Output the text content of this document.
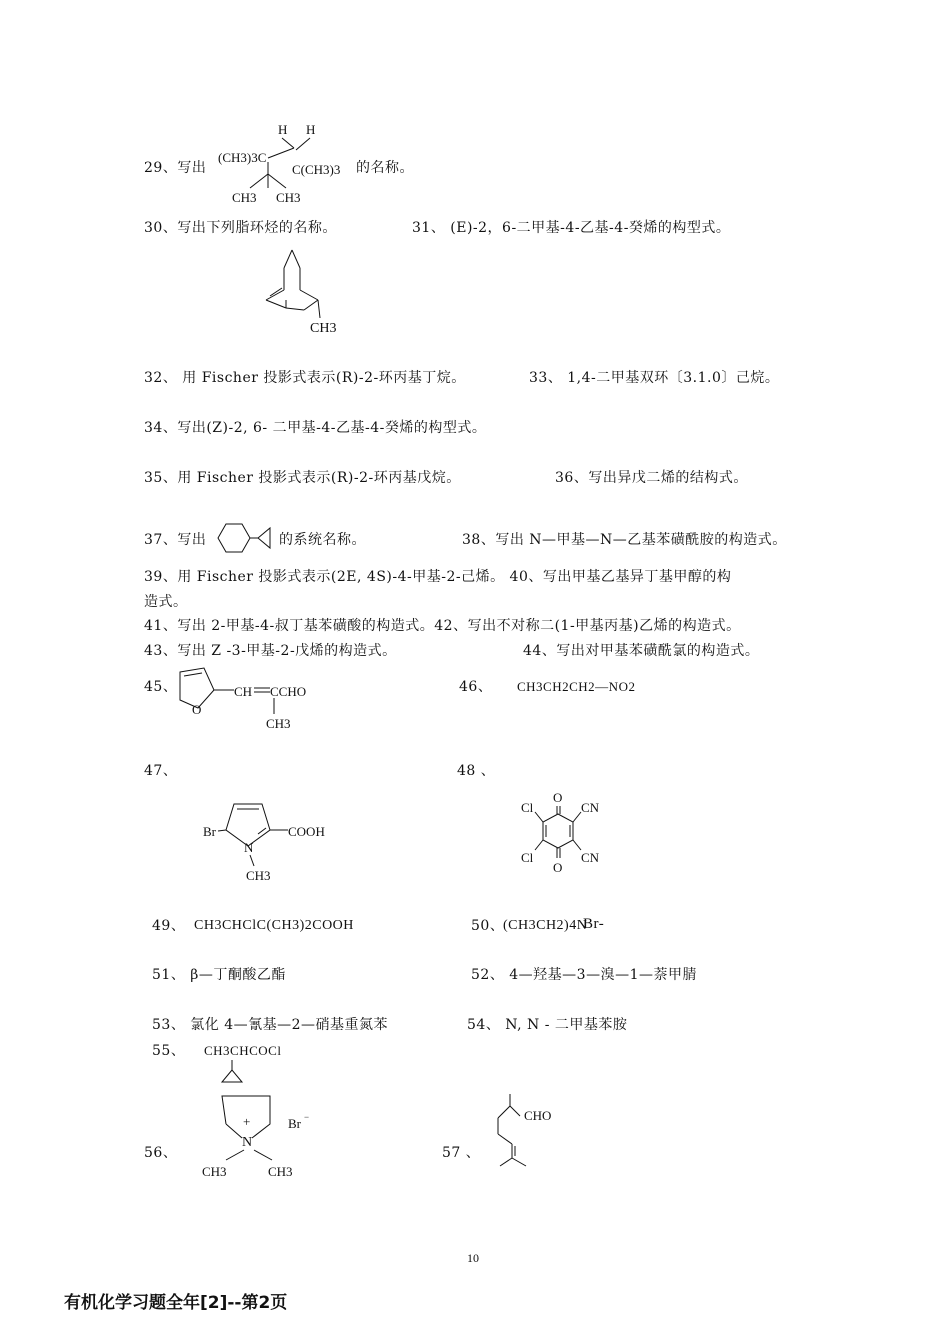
29、写出
H H
(CH3)3C
C(CH3)3
CH3 CH3
的名称。
30、写出下列脂环烃的名称。	31、 (E)-2，6-二甲基-4-乙基-4-癸烯的构型式。
CH3
32、 用 Fischer 投影式表示(R)-2-环丙基丁烷。	33、 1,4-二甲基双环〔3.1.0〕己烷。
34、写出(Z)-2, 6- 二甲基-4-乙基-4-癸烯的构型式。
35、用 Fischer 投影式表示(R)-2-环丙基戊烷。	36、写出异戊二烯的结构式。
37、写出	的系统名称。	38、写出 N—甲基—N—乙基苯磺酰胺的构造式。
39、用 Fischer 投影式表示(2E, 4S)-4-甲基-2-己烯。 40、写出甲基乙基异丁基甲醇的构
造式。
41、写出 2-甲基-4-叔丁基苯磺酸的构造式。42、写出不对称二(1-甲基丙基)乙烯的构造式。
43、写出 Z -3-甲基-2-戊烯的构造式。	44、写出对甲基苯磺酰氯的构造式。
45、
O
CH CCHO
CH3
46、 CH3CH2CH2—NO2
47、	48 、
Br	COOH
N
CH3
O
O
Cl
Cl
CN
CN
49、 CH3CHClC(CH3)2COOH	50、
(CH3CH2)4N
Br-
51、 β—丁酮酸乙酯	52、 4—羟基—3—溴—1—萘甲腈
53、 氯化 4—氰基—2—硝基重氮苯	54、 N, N - 二甲基苯胺
55、 CH3CHCOCl
56、
+
N
Br −
CH3	CH3
57 、
CHO
10
有机化学习题全年[2]--第2页
